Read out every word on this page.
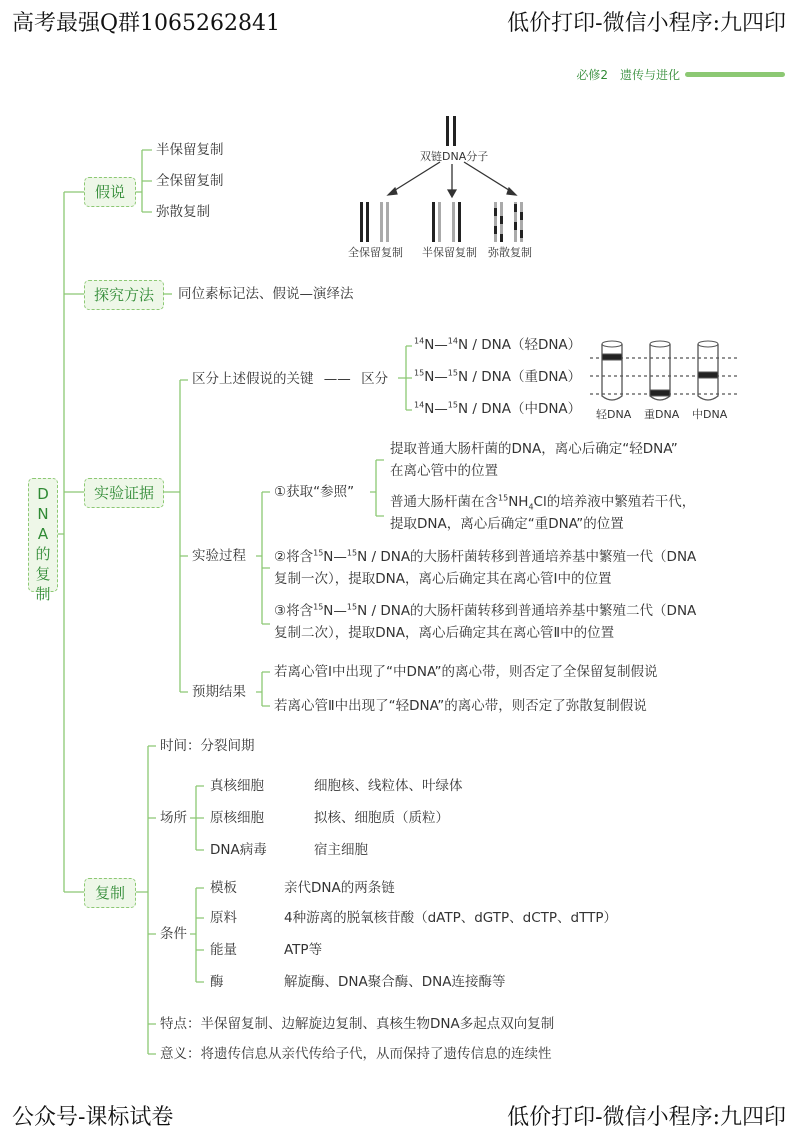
高考最强Q群1065262841	低价打印-微信小程序:九四印
公众号-课标试卷	低价打印-微信小程序:九四印
必修2　遗传与进化
DNA的复制
假说
半保留复制
全保留复制
弥散复制
双链DNA分子
全保留复制 半保留复制 弥散复制
探究方法	同位素标记法、假说—演绎法
实验证据
区分上述假说的关键 —— 区分
$^{14}$N—$^{14}$N / DNA（轻DNA）
$^{15}$N—$^{15}$N / DNA（重DNA）
$^{14}$N—$^{15}$N / DNA（中DNA） 轻DNA 重DNA 中DNA
实验过程
①获取“参照”
提取普通大肠杆菌的DNA，离心后确定“轻DNA”
在离心管中的位置
普通大肠杆菌在含$^{15}NH_4Cl$的培养液中繁殖若干代，
提取DNA，离心后确定“重DNA”的位置
②将含$^{15}$N—$^{15}$N / DNA的大肠杆菌转移到普通培养基中繁殖一代（DNA
复制一次），提取DNA，离心后确定其在离心管Ⅰ中的位置
③将含$^{15}$N—$^{15}$N / DNA的大肠杆菌转移到普通培养基中繁殖二代（DNA
复制二次），提取DNA，离心后确定其在离心管Ⅱ中的位置
预期结果
若离心管Ⅰ中出现了“中DNA”的离心带，则否定了全保留复制假说
若离心管Ⅱ中出现了“轻DNA”的离心带，则否定了弥散复制假说
复制
时间：分裂间期
场所
真核细胞	细胞核、线粒体、叶绿体
原核细胞	拟核、细胞质（质粒）
DNA病毒	宿主细胞
条件
模板	亲代DNA的两条链
原料	4种游离的脱氧核苷酸（dATP、dGTP、dCTP、dTTP）
能量	ATP等
酶	解旋酶、DNA聚合酶、DNA连接酶等
特点：半保留复制、边解旋边复制、真核生物DNA多起点双向复制
意义：将遗传信息从亲代传给子代，从而保持了遗传信息的连续性
